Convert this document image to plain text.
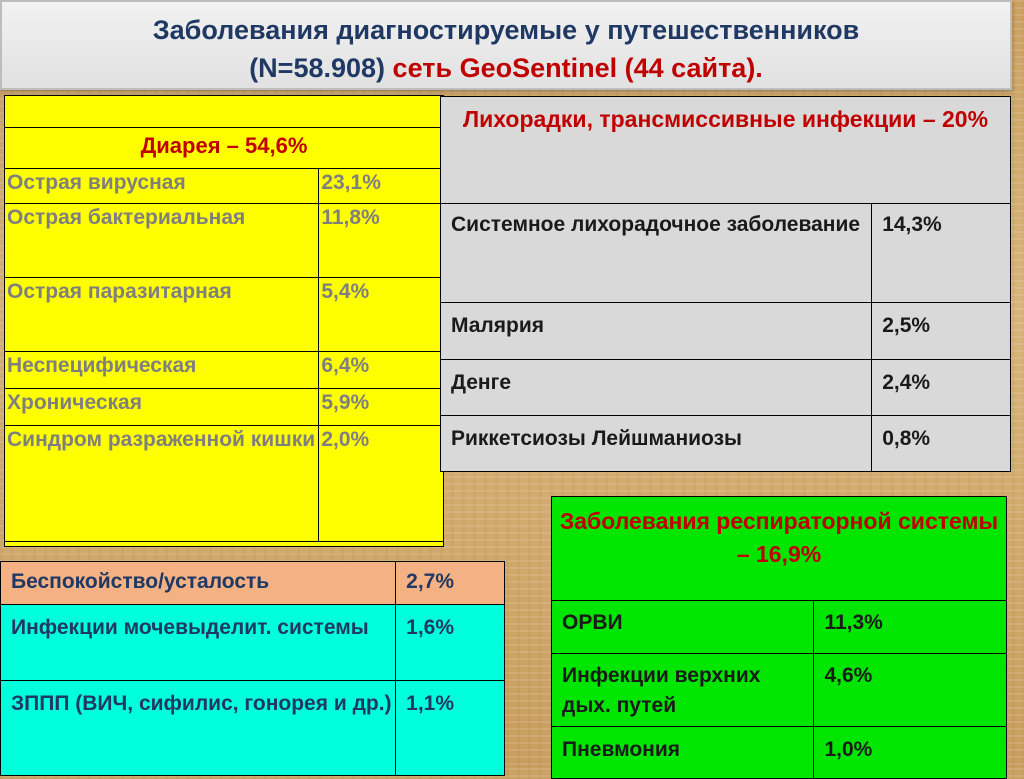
Заболевания диагностируемые у путешественников
(N=58.908) сеть GeoSentinel (44 сайта).
Диарея – 54,6%	
Острая вирусная	23,1%
Острая бактериальная	11,8%
Острая паразитарная	5,4%
Неспецифическая	6,4%
Хроническая	5,9%
Синдром разраженной кишки	2,0%
Лихорадки, трансмиссивные инфекции – 20%	
Системное лихорадочное заболевание	14,3%
Малярия	2,5%
Денге	2,4%
Риккетсиозы Лейшманиозы	0,8%
Беспокойство/усталость	2,7%
Инфекции мочевыделит. системы	1,6%
ЗППП (ВИЧ, сифилис, гонорея и др.)	1,1%
Заболевания респираторной системы – 16,9%	
ОРВИ	11,3%
Инфекции верхних дых. путей	4,6%
Пневмония	1,0%
